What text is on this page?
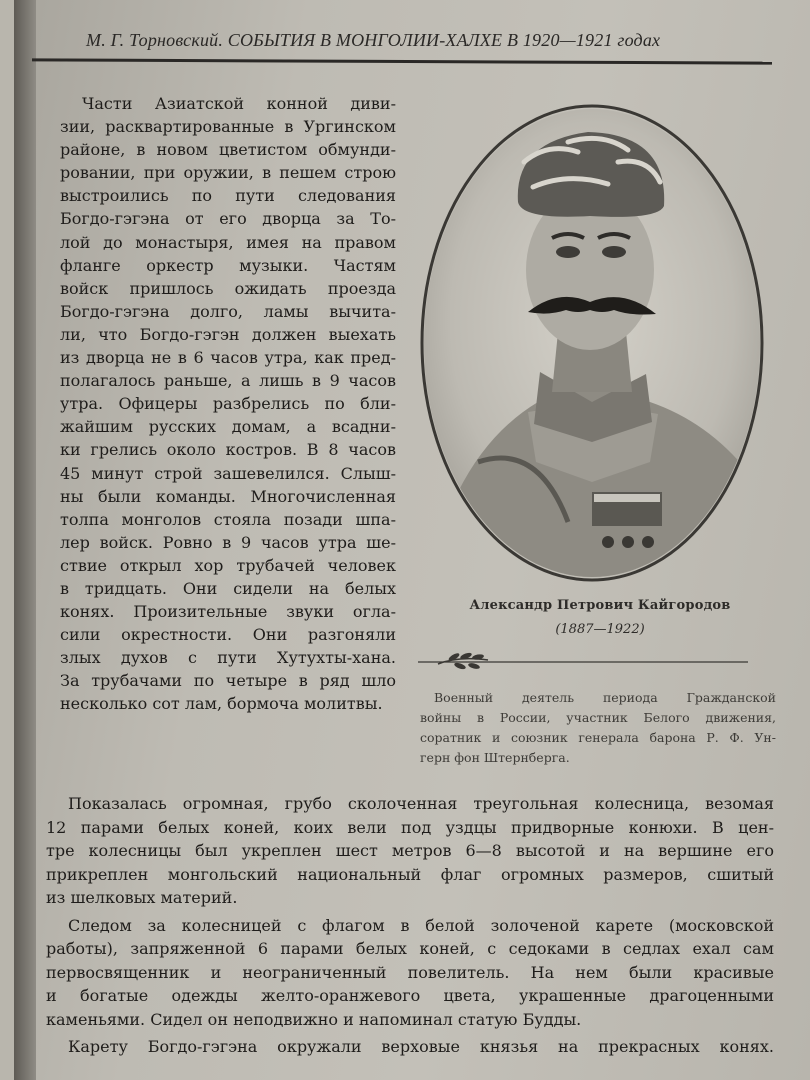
М. Г. Торновский. СОБЫТИЯ В МОНГОЛИИ-ХАЛХЕ В 1920—1921 годах
Части Азиатской конной диви-
зии, расквартированные в Ургинском
районе, в новом цветистом обмунди-
ровании, при оружии, в пешем строю
выстроились по пути следования
Богдо-гэгэна от его дворца за То-
лой до монастыря, имея на правом
фланге оркестр музыки. Частям
войск пришлось ожидать проезда
Богдо-гэгэна долго, ламы вычита-
ли, что Богдо-гэгэн должен выехать
из дворца не в 6 часов утра, как пред-
полагалось раньше, а лишь в 9 часов
утра. Офицеры разбрелись по бли-
жайшим русских домам, а всадни-
ки грелись около костров. В 8 часов
45 минут строй зашевелился. Слыш-
ны были команды. Многочисленная
толпа монголов стояла позади шпа-
лер войск. Ровно в 9 часов утра ше-
ствие открыл хор трубачей человек
в тридцать. Они сидели на белых
конях. Произительные звуки огла-
сили окрестности. Они разгоняли
злых духов с пути Хутухты-хана.
За трубачами по четыре в ряд шло
несколько сот лам, бормоча молитвы.
Александр Петрович Кайгородов
(1887—1922)
Военный деятель периода Гражданской
войны в России, участник Белого движения,
соратник и союзник генерала барона Р. Ф. Ун-
герн фон Штернберга.

Показалась огромная, грубо сколоченная треугольная колесница, везомая
12 парами белых коней, коих вели под уздцы придворные конюхи. В цен-
тре колесницы был укреплен шест метров 6—8 высотой и на вершине его
прикреплен монгольский национальный флаг огромных размеров, сшитый
из шелковых материй.

Следом за колесницей с флагом в белой золоченой карете (московской
работы), запряженной 6 парами белых коней, с седоками в седлах ехал сам
первосвященник и неограниченный повелитель. На нем были красивые
и богатые одежды желто-оранжевого цвета, украшенные драгоценными
каменьями. Сидел он неподвижно и напоминал статую Будды.

Карету Богдо-гэгэна окружали верховые князья на прекрасных конях.
